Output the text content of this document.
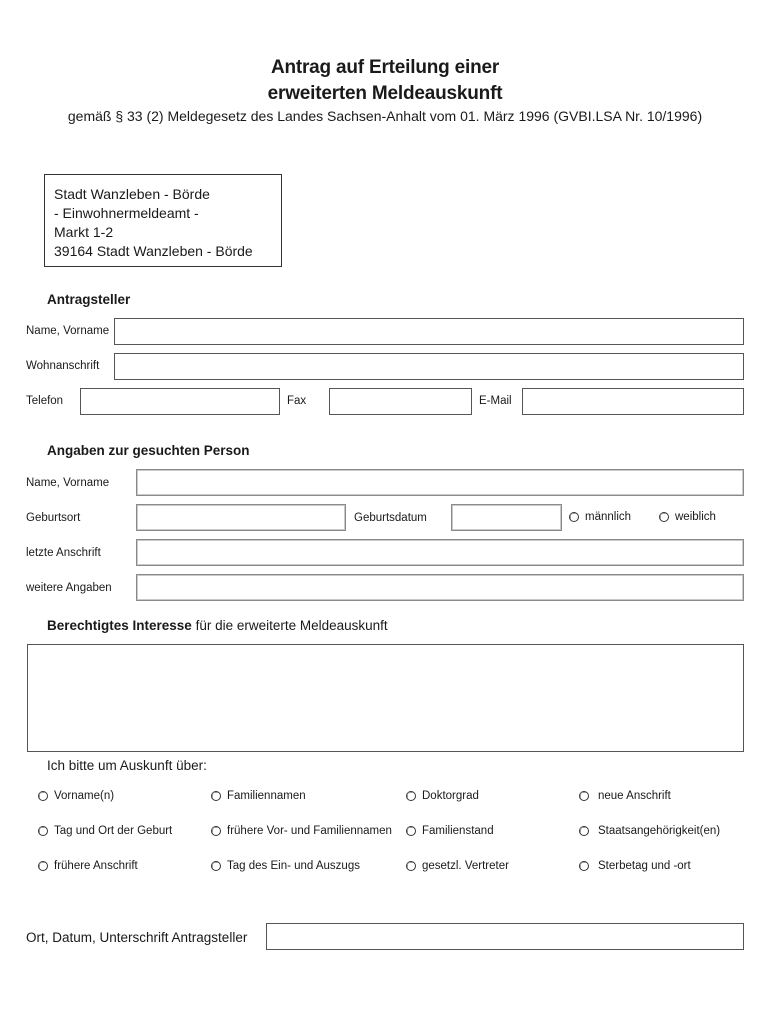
Antrag auf Erteilung einer
erweiterten Meldeauskunft
gemäß § 33 (2) Meldegesetz des Landes Sachsen-Anhalt vom 01. März 1996 (GVBI.LSA Nr. 10/1996)
Stadt Wanzleben - Börde
- Einwohnermeldeamt -
Markt 1-2
39164 Stadt Wanzleben - Börde
Antragsteller
Name, Vorname
Wohnanschrift
Telefon	Fax	E-Mail
Angaben zur gesuchten Person
Name, Vorname
Geburtsort	Geburtsdatum	männlich	weiblich
letzte Anschrift
weitere Angaben
Berechtigtes Interesse für die erweiterte Meldeauskunft
Ich bitte um Auskunft über:
Vorname(n)	Familiennamen	Doktorgrad	neue Anschrift
Tag und Ort der Geburt	frühere Vor- und Familiennamen	Familienstand	Staatsangehörigkeit(en)
frühere Anschrift	Tag des Ein- und Auszugs	gesetzl. Vertreter	Sterbetag und -ort
Ort, Datum, Unterschrift Antragsteller
